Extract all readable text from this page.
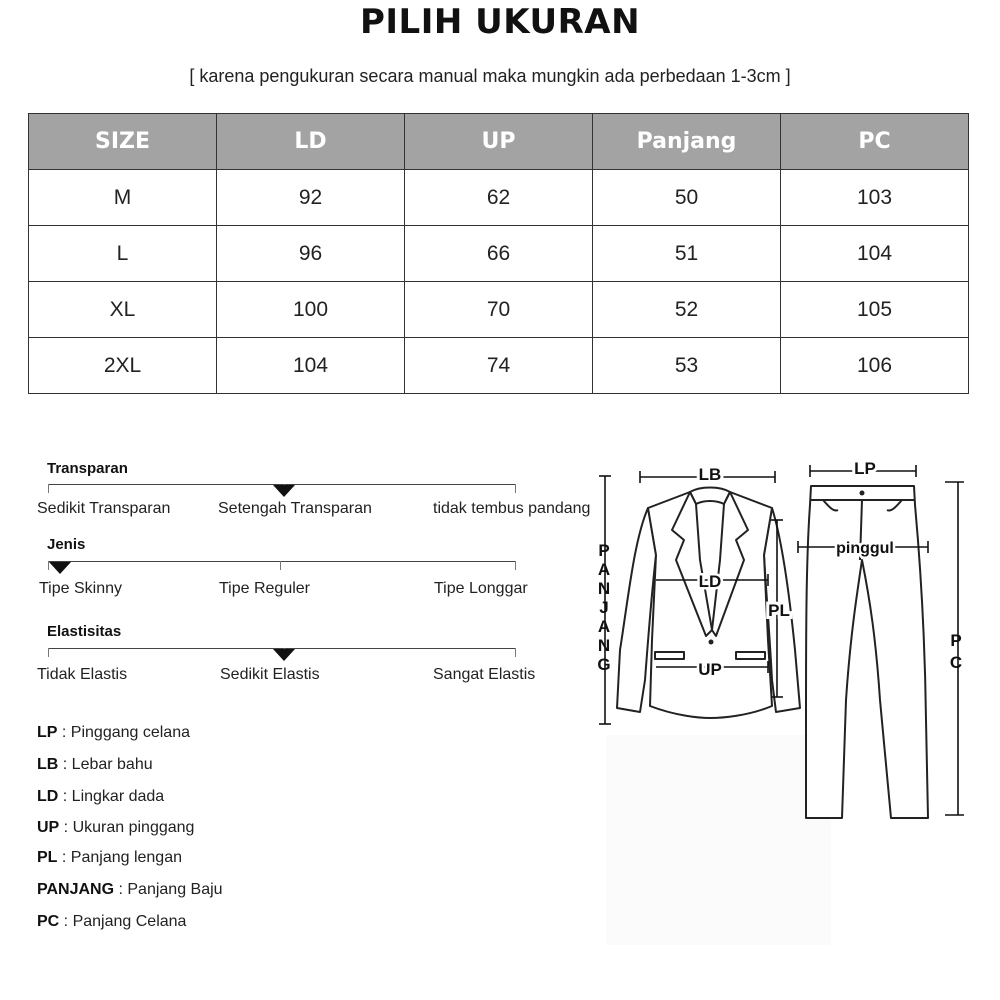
PILIH UKURAN
[ karena pengukuran secara manual maka mungkin ada perbedaan 1-3cm ]
SIZE	LD	UP	Panjang	PC
M	92	62	50	103
L	96	66	51	104
XL	100	70	52	105
2XL	104	74	53	106
Transparan
Sedikit Transparan	Setengah Transparan	tidak tembus pandang
Jenis
Tipe Skinny	Tipe Reguler	Tipe Longgar
Elastisitas
Tidak Elastis	Sedikit Elastis	Sangat Elastis
LP : Pinggang celana
LB : Lebar bahu
LD : Lingkar dada
UP : Ukuran pinggang
PL : Panjang lengan
PANJANG : Panjang Baju
PC : Panjang Celana
LB	LP
pinggul
LD
UP
PL
P A N J A N G
P C
